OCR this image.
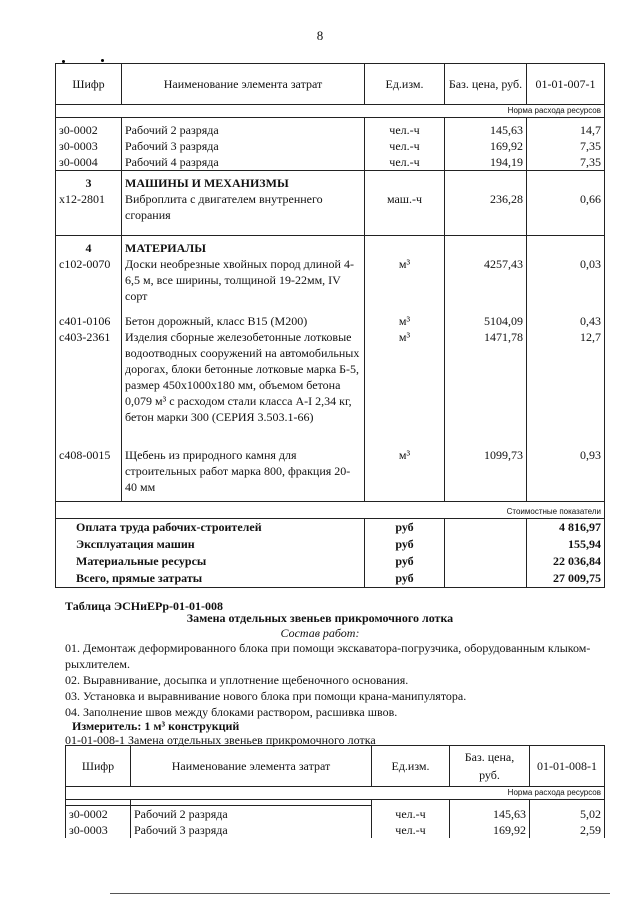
8
Шифр	Наименование элемента затрат	Ед.изм.	Баз. цена, руб.	01-01-007-1
Норма расхода ресурсов				

з0-0002	Рабочий 2 разряда	чел.-ч	145,63	14,7
з0-0003	Рабочий 3 разряда	чел.-ч	169,92	7,35
з0-0004	Рабочий 4 разряда	чел.-ч	194,19	7,35
3	МАШИНЫ И МЕХАНИЗМЫ			
х12-2801	Виброплита с двигателем внутреннего сгорания	маш.-ч	236,28	0,66
4	МАТЕРИАЛЫ			
с102-0070	Доски необрезные хвойных пород длиной 4-6,5 м, все ширины, толщиной 19-22мм, IV сорт	м³	4257,43	0,03
с401-0106	Бетон дорожный, класс В15 (М200)	м³	5104,09	0,43
с403-2361	Изделия сборные железобетонные лотковые водоотводных сооружений на автомобильных дорогах, блоки бетонные лотковые марка Б-5, размер 450х1000х180 мм, объемом бетона 0,079 м³ с расходом стали класса А-I 2,34 кг, бетон марки 300 (СЕРИЯ 3.503.1-66)	м³	1471,78	12,7
с408-0015	Щебень из природного камня для строительных работ марка 800, фракция 20-40 мм	м³	1099,73	0,93
Стоимостные показатели				
Оплата труда рабочих-строителей		руб		4 816,97
Эксплуатация машин		руб		155,94
Материальные ресурсы		руб		22 036,84
Всего, прямые затраты		руб		27 009,75
Таблица ЭСНиЕРр-01-01-008
Замена отдельных звеньев прикромочного лотка
Состав работ:
01. Демонтаж деформированного блока при помощи экскаватора-погрузчика, оборудованным клыком-рыхлителем.
02. Выравнивание, досыпка и уплотнение щебеночного основания.
03. Установка и выравнивание нового блока при помощи крана-манипулятора.
04. Заполнение швов между блоками раствором, расшивка швов.
Измеритель: 1 м³ конструкций
01-01-008-1 Замена отдельных звеньев прикромочного лотка
Шифр	Наименование элемента затрат	Ед.изм.	Баз. цена, руб.	01-01-008-1
Норма расхода ресурсов				

з0-0002	Рабочий 2 разряда	чел.-ч	145,63	5,02
з0-0003	Рабочий 3 разряда	чел.-ч	169,92	2,59
